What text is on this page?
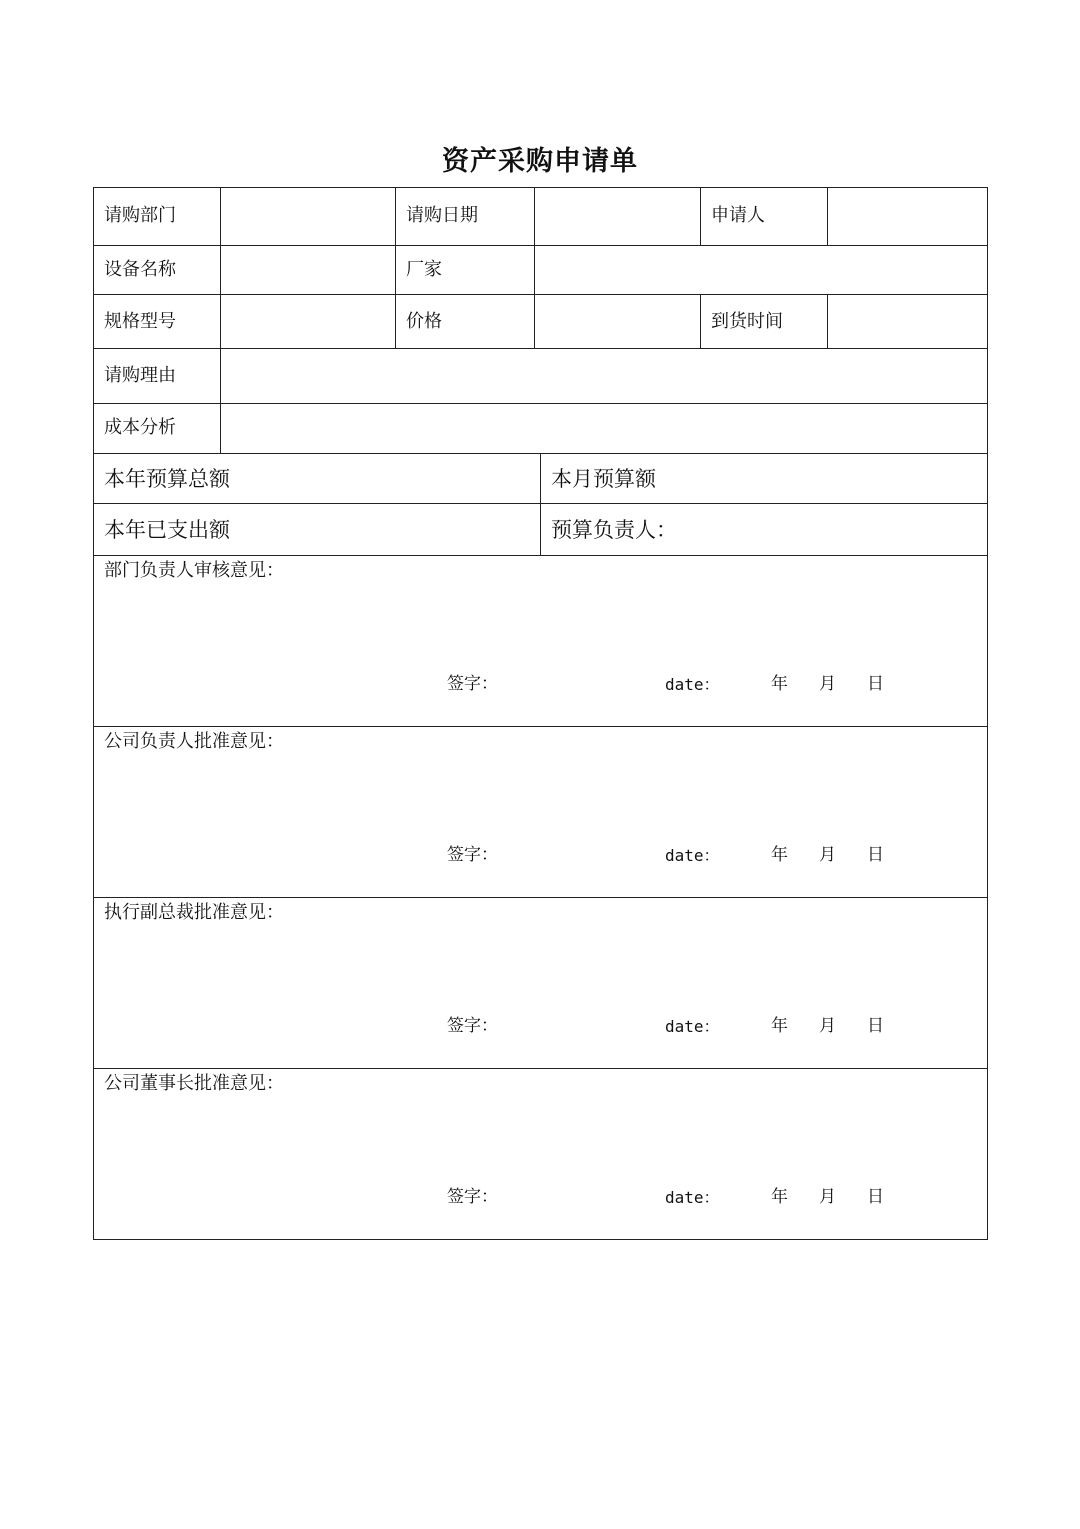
资产采购申请单
请购部门	请购日期	申请人
设备名称	厂家
规格型号	价格	到货时间
请购理由
成本分析
本年预算总额	本月预算额
本年已支出额	预算负责人：
部门负责人审核意见：
签字：	date：	年 月 日
公司负责人批准意见：
签字：	date：	年 月 日
执行副总裁批准意见：
签字：	date：	年 月 日
公司董事长批准意见：
签字：	date：	年 月 日
